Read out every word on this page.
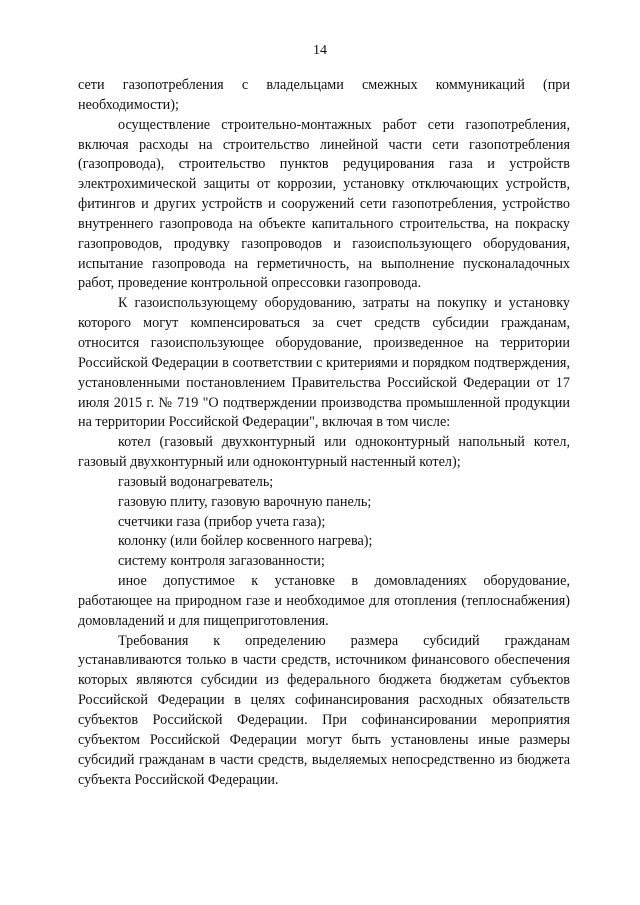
14

сети газопотребления с владельцами смежных коммуникаций (при необходимости);

осуществление строительно-монтажных работ сети газопотребления, включая расходы на строительство линейной части сети газопотребления (газопровода), строительство пунктов редуцирования газа и устройств электрохимической защиты от коррозии, установку отключающих устройств, фитингов и других устройств и сооружений сети газопотребления, устройство внутреннего газопровода на объекте капитального строительства, на покраску газопроводов, продувку газопроводов и газоиспользующего оборудования, испытание газопровода на герметичность, на выполнение пусконаладочных работ, проведение контрольной опрессовки газопровода.

К газоиспользующему оборудованию, затраты на покупку и установку которого могут компенсироваться за счет средств субсидии гражданам, относится газоиспользующее оборудование, произведенное на территории Российской Федерации в соответствии с критериями и порядком подтверждения, установленными постановлением Правительства Российской Федерации от 17 июля 2015 г. № 719 "О подтверждении производства промышленной продукции на территории Российской Федерации", включая в том числе:

котел (газовый двухконтурный или одноконтурный напольный котел, газовый двухконтурный или одноконтурный настенный котел);

газовый водонагреватель;

газовую плиту, газовую варочную панель;

счетчики газа (прибор учета газа);

колонку (или бойлер косвенного нагрева);

систему контроля загазованности;

иное допустимое к установке в домовладениях оборудование, работающее на природном газе и необходимое для отопления (теплоснабжения) домовладений и для пищеприготовления.

Требования к определению размера субсидий гражданам устанавливаются только в части средств, источником финансового обеспечения которых являются субсидии из федерального бюджета бюджетам субъектов Российской Федерации в целях софинансирования расходных обязательств субъектов Российской Федерации. При софинансировании мероприятия субъектом Российской Федерации могут быть установлены иные размеры субсидий гражданам в части средств, выделяемых непосредственно из бюджета субъекта Российской Федерации.
